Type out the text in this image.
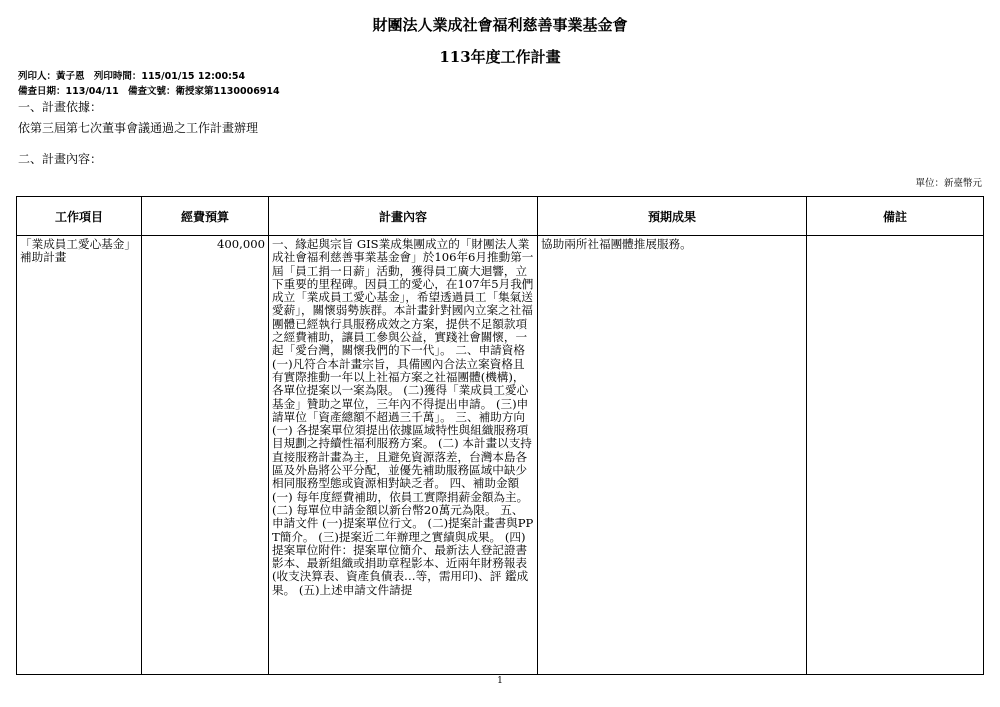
財團法人業成社會福利慈善事業基金會
113年度工作計畫
列印人：黃子恩 列印時間：115/01/15 12:00:54
備查日期：113/04/11 備查文號：衛授家第1130006914
一、計畫依據：
依第三屆第七次董事會議通過之工作計畫辦理
二、計畫內容：
單位：新臺幣元
工作項目	經費預算	計畫內容	預期成果	備註
「業成員工愛心基金」補助計畫	400,000	一、緣起與宗旨 GIS業成集團成立的「財團法人業成社會福利慈善事業基金會」於106年6月推動第一屆「員工捐一日薪」活動，獲得員工廣大迴響，立下重要的里程碑。因員工的愛心，在107年5月我們成立「業成員工愛心基金」，希望透過員工「集氣送愛薪」，關懷弱勢族群。本計畫針對國內立案之社福團體已經執行具服務成效之方案，提供不足額款項之經費補助，讓員工參與公益，實踐社會關懷，一起「愛台灣，關懷我們的下一代」。 二、申請資格 (一)凡符合本計畫宗旨，具備國內合法立案資格且有實際推動一年以上社福方案之社福團體(機構)，各單位提案以一案為限。 (二)獲得「業成員工愛心基金」贊助之單位，三年內不得提出申請。 (三)申請單位「資產總額不超過三千萬」。 三、補助方向 (一) 各提案單位須提出依據區域特性與組織服務項目規劃之持續性福利服務方案。 (二) 本計畫以支持直接服務計畫為主，且避免資源落差，台灣本島各區及外島將公平分配，並優先補助服務區域中缺少相同服務型態或資源相對缺乏者。 四、補助金額 (一) 每年度經費補助，依員工實際捐薪金額為主。 (二) 每單位申請金額以新台幣20萬元為限。 五、申請文件 (一)提案單位行文。 (二)提案計畫書與PPT簡介。 (三)提案近二年辦理之實績與成果。 (四)提案單位附件：提案單位簡介、最新法人登記證書影本、最新組織或捐助章程影本、近兩年財務報表(收支決算表、資產負債表…等，需用印)、評 鑑成果。 (五)上述申請文件請提	協助兩所社福團體推展服務。	
1
